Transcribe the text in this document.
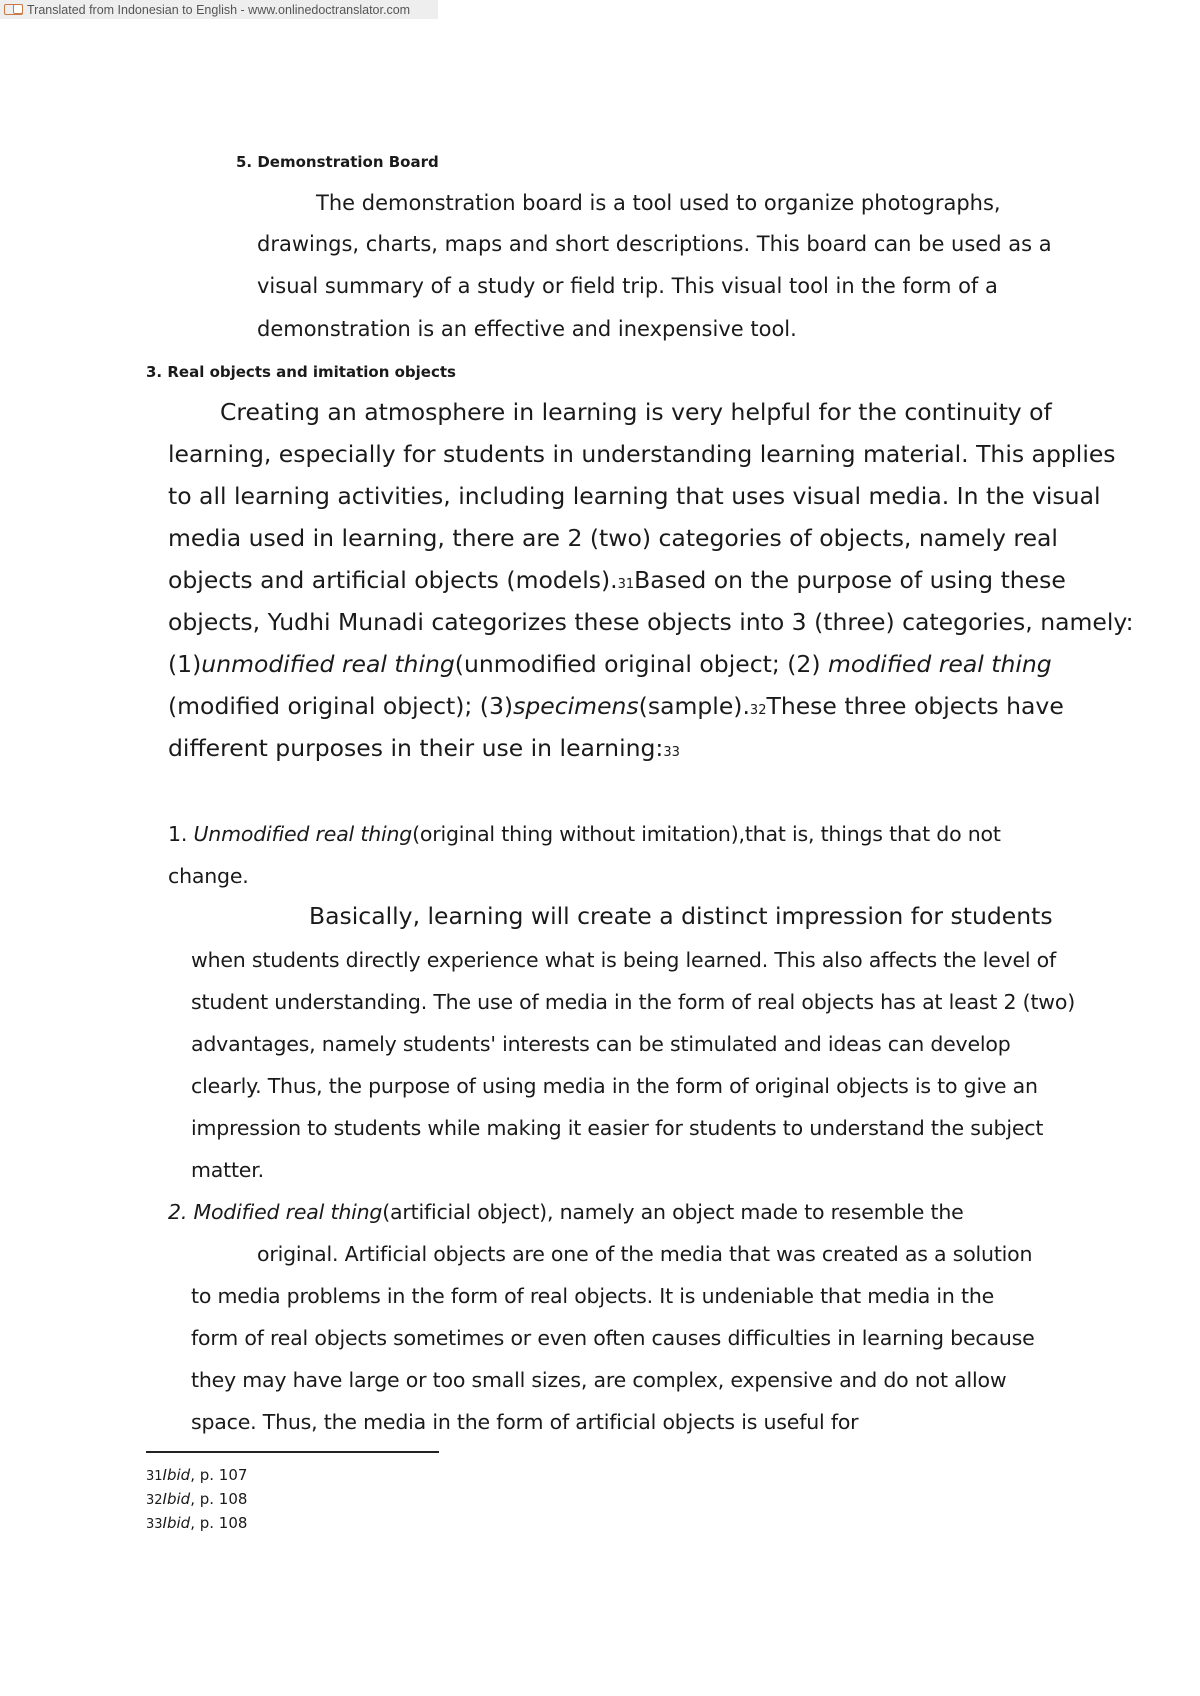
Translated from Indonesian to English - www.onlinedoctranslator.com
5. Demonstration Board
The demonstration board is a tool used to organize photographs,
drawings, charts, maps and short descriptions. This board can be used as a
visual summary of a study or field trip. This visual tool in the form of a
demonstration is an effective and inexpensive tool.
3. Real objects and imitation objects
Creating an atmosphere in learning is very helpful for the continuity of
learning, especially for students in understanding learning material. This applies
to all learning activities, including learning that uses visual media. In the visual
media used in learning, there are 2 (two) categories of objects, namely real
objects and artificial objects (models).31Based on the purpose of using these
objects, Yudhi Munadi categorizes these objects into 3 (three) categories, namely:
(1)unmodified real thing(unmodified original object; (2) modified real thing
(modified original object); (3)specimens(sample).32These three objects have
different purposes in their use in learning:33
1. Unmodified real thing(original thing without imitation),that is, things that do not
change.
Basically, learning will create a distinct impression for students
when students directly experience what is being learned. This also affects the level of
student understanding. The use of media in the form of real objects has at least 2 (two)
advantages, namely students' interests can be stimulated and ideas can develop
clearly. Thus, the purpose of using media in the form of original objects is to give an
impression to students while making it easier for students to understand the subject
matter.
2. Modified real thing(artificial object), namely an object made to resemble the
original. Artificial objects are one of the media that was created as a solution
to media problems in the form of real objects. It is undeniable that media in the
form of real objects sometimes or even often causes difficulties in learning because
they may have large or too small sizes, are complex, expensive and do not allow
space. Thus, the media in the form of artificial objects is useful for
31Ibid, p. 107
32Ibid, p. 108
33Ibid, p. 108
